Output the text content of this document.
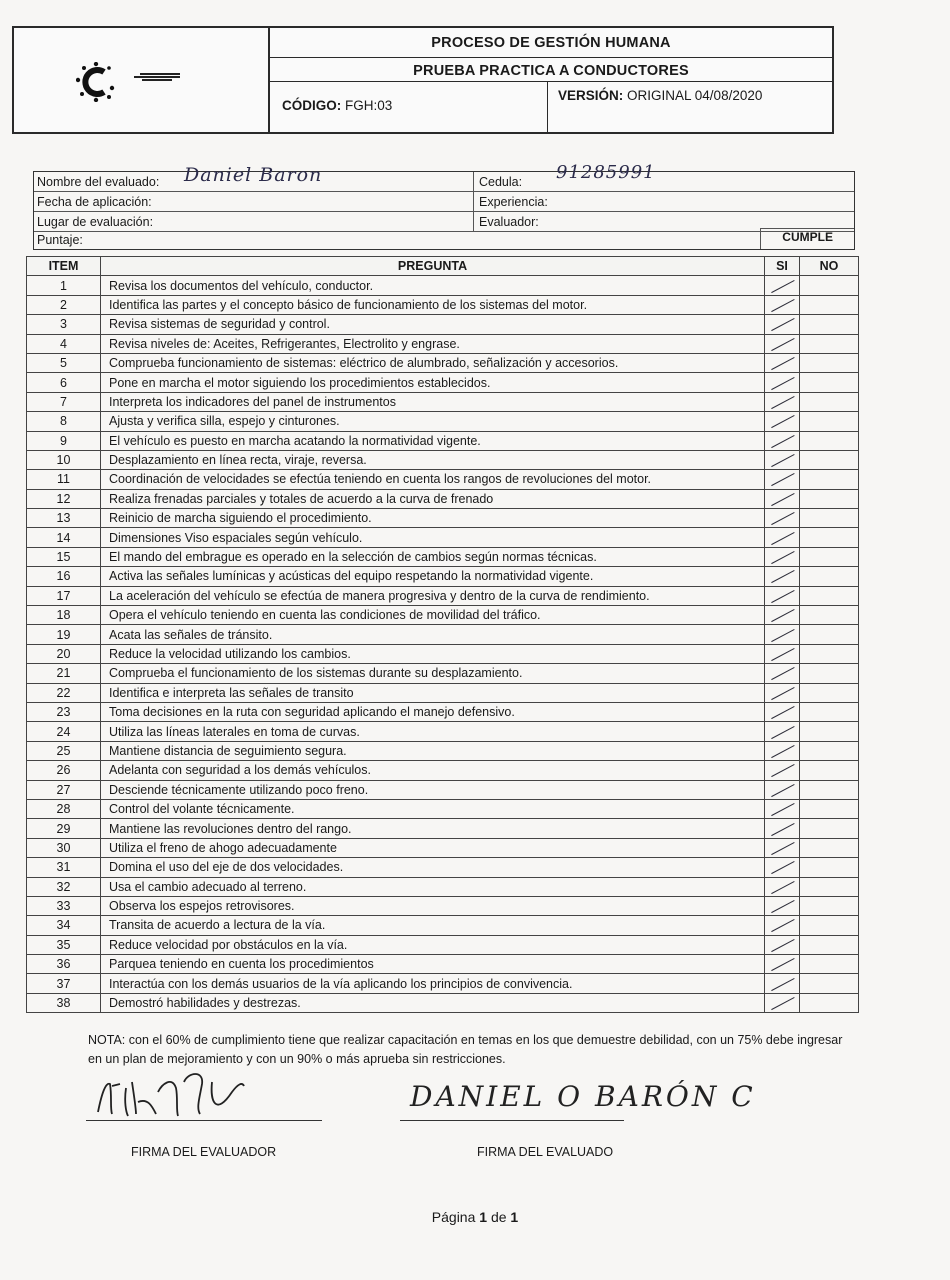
PROCESO DE GESTIÓN HUMANA
PRUEBA PRACTICA A CONDUCTORES
CÓDIGO: FGH:03
VERSIÓN: ORIGINAL 04/08/2020
Nombre del evaluado: Daniel Baron	Cedula: 91285991
Fecha de aplicación:	Experiencia:
Lugar de evaluación:	Evaluador:
Puntaje:	CUMPLE
ITEM	PREGUNTA	SI	NO
1	Revisa los documentos del vehículo, conductor.	

2	Identifica las partes y el concepto básico de funcionamiento de los sistemas del motor.	

3	Revisa sistemas de seguridad y control.	

4	Revisa niveles de: Aceites, Refrigerantes, Electrolito y engrase.	

5	Comprueba funcionamiento de sistemas: eléctrico de alumbrado, señalización y accesorios.	

6	Pone en marcha el motor siguiendo los procedimientos establecidos.	

7	Interpreta los indicadores del panel de instrumentos	

8	Ajusta y verifica silla, espejo y cinturones.	

9	El vehículo es puesto en marcha acatando la normatividad vigente.	

10	Desplazamiento en línea recta, viraje, reversa.	

11	Coordinación de velocidades se efectúa teniendo en cuenta los rangos de revoluciones del motor.	

12	Realiza frenadas parciales y totales de acuerdo a la curva de frenado	

13	Reinicio de marcha siguiendo el procedimiento.	

14	Dimensiones Viso espaciales según vehículo.	

15	El mando del embrague es operado en la selección de cambios según normas técnicas.	

16	Activa las señales lumínicas y acústicas del equipo respetando la normatividad vigente.	

17	La aceleración del vehículo se efectúa de manera progresiva y dentro de la curva de rendimiento.	

18	Opera el vehículo teniendo en cuenta las condiciones de movilidad del tráfico.	

19	Acata las señales de tránsito.	

20	Reduce la velocidad utilizando los cambios.	

21	Comprueba el funcionamiento de los sistemas durante su desplazamiento.	

22	Identifica e interpreta las señales de transito	

23	Toma decisiones en la ruta con seguridad aplicando el manejo defensivo.	

24	Utiliza las líneas laterales en toma de curvas.	

25	Mantiene distancia de seguimiento segura.	

26	Adelanta con seguridad a los demás vehículos.	

27	Desciende técnicamente utilizando poco freno.	

28	Control del volante técnicamente.	

29	Mantiene las revoluciones dentro del rango.	

30	Utiliza el freno de ahogo adecuadamente	

31	Domina el uso del eje de dos velocidades.	

32	Usa el cambio adecuado al terreno.	

33	Observa los espejos retrovisores.	

34	Transita de acuerdo a lectura de la vía.	

35	Reduce velocidad por obstáculos en la vía.	

36	Parquea teniendo en cuenta los procedimientos	

37	Interactúa con los demás usuarios de la vía aplicando los principios de convivencia.	

38	Demostró habilidades y destrezas.	

NOTA: con el 60% de cumplimiento tiene que realizar capacitación en temas en los que demuestre debilidad, con un 75% debe ingresar en un plan de mejoramiento y con un 90% o más aprueba sin restricciones.
FIRMA DEL EVALUADOR
DANIEL O BARÓN C
FIRMA DEL EVALUADO
Página 1 de 1
